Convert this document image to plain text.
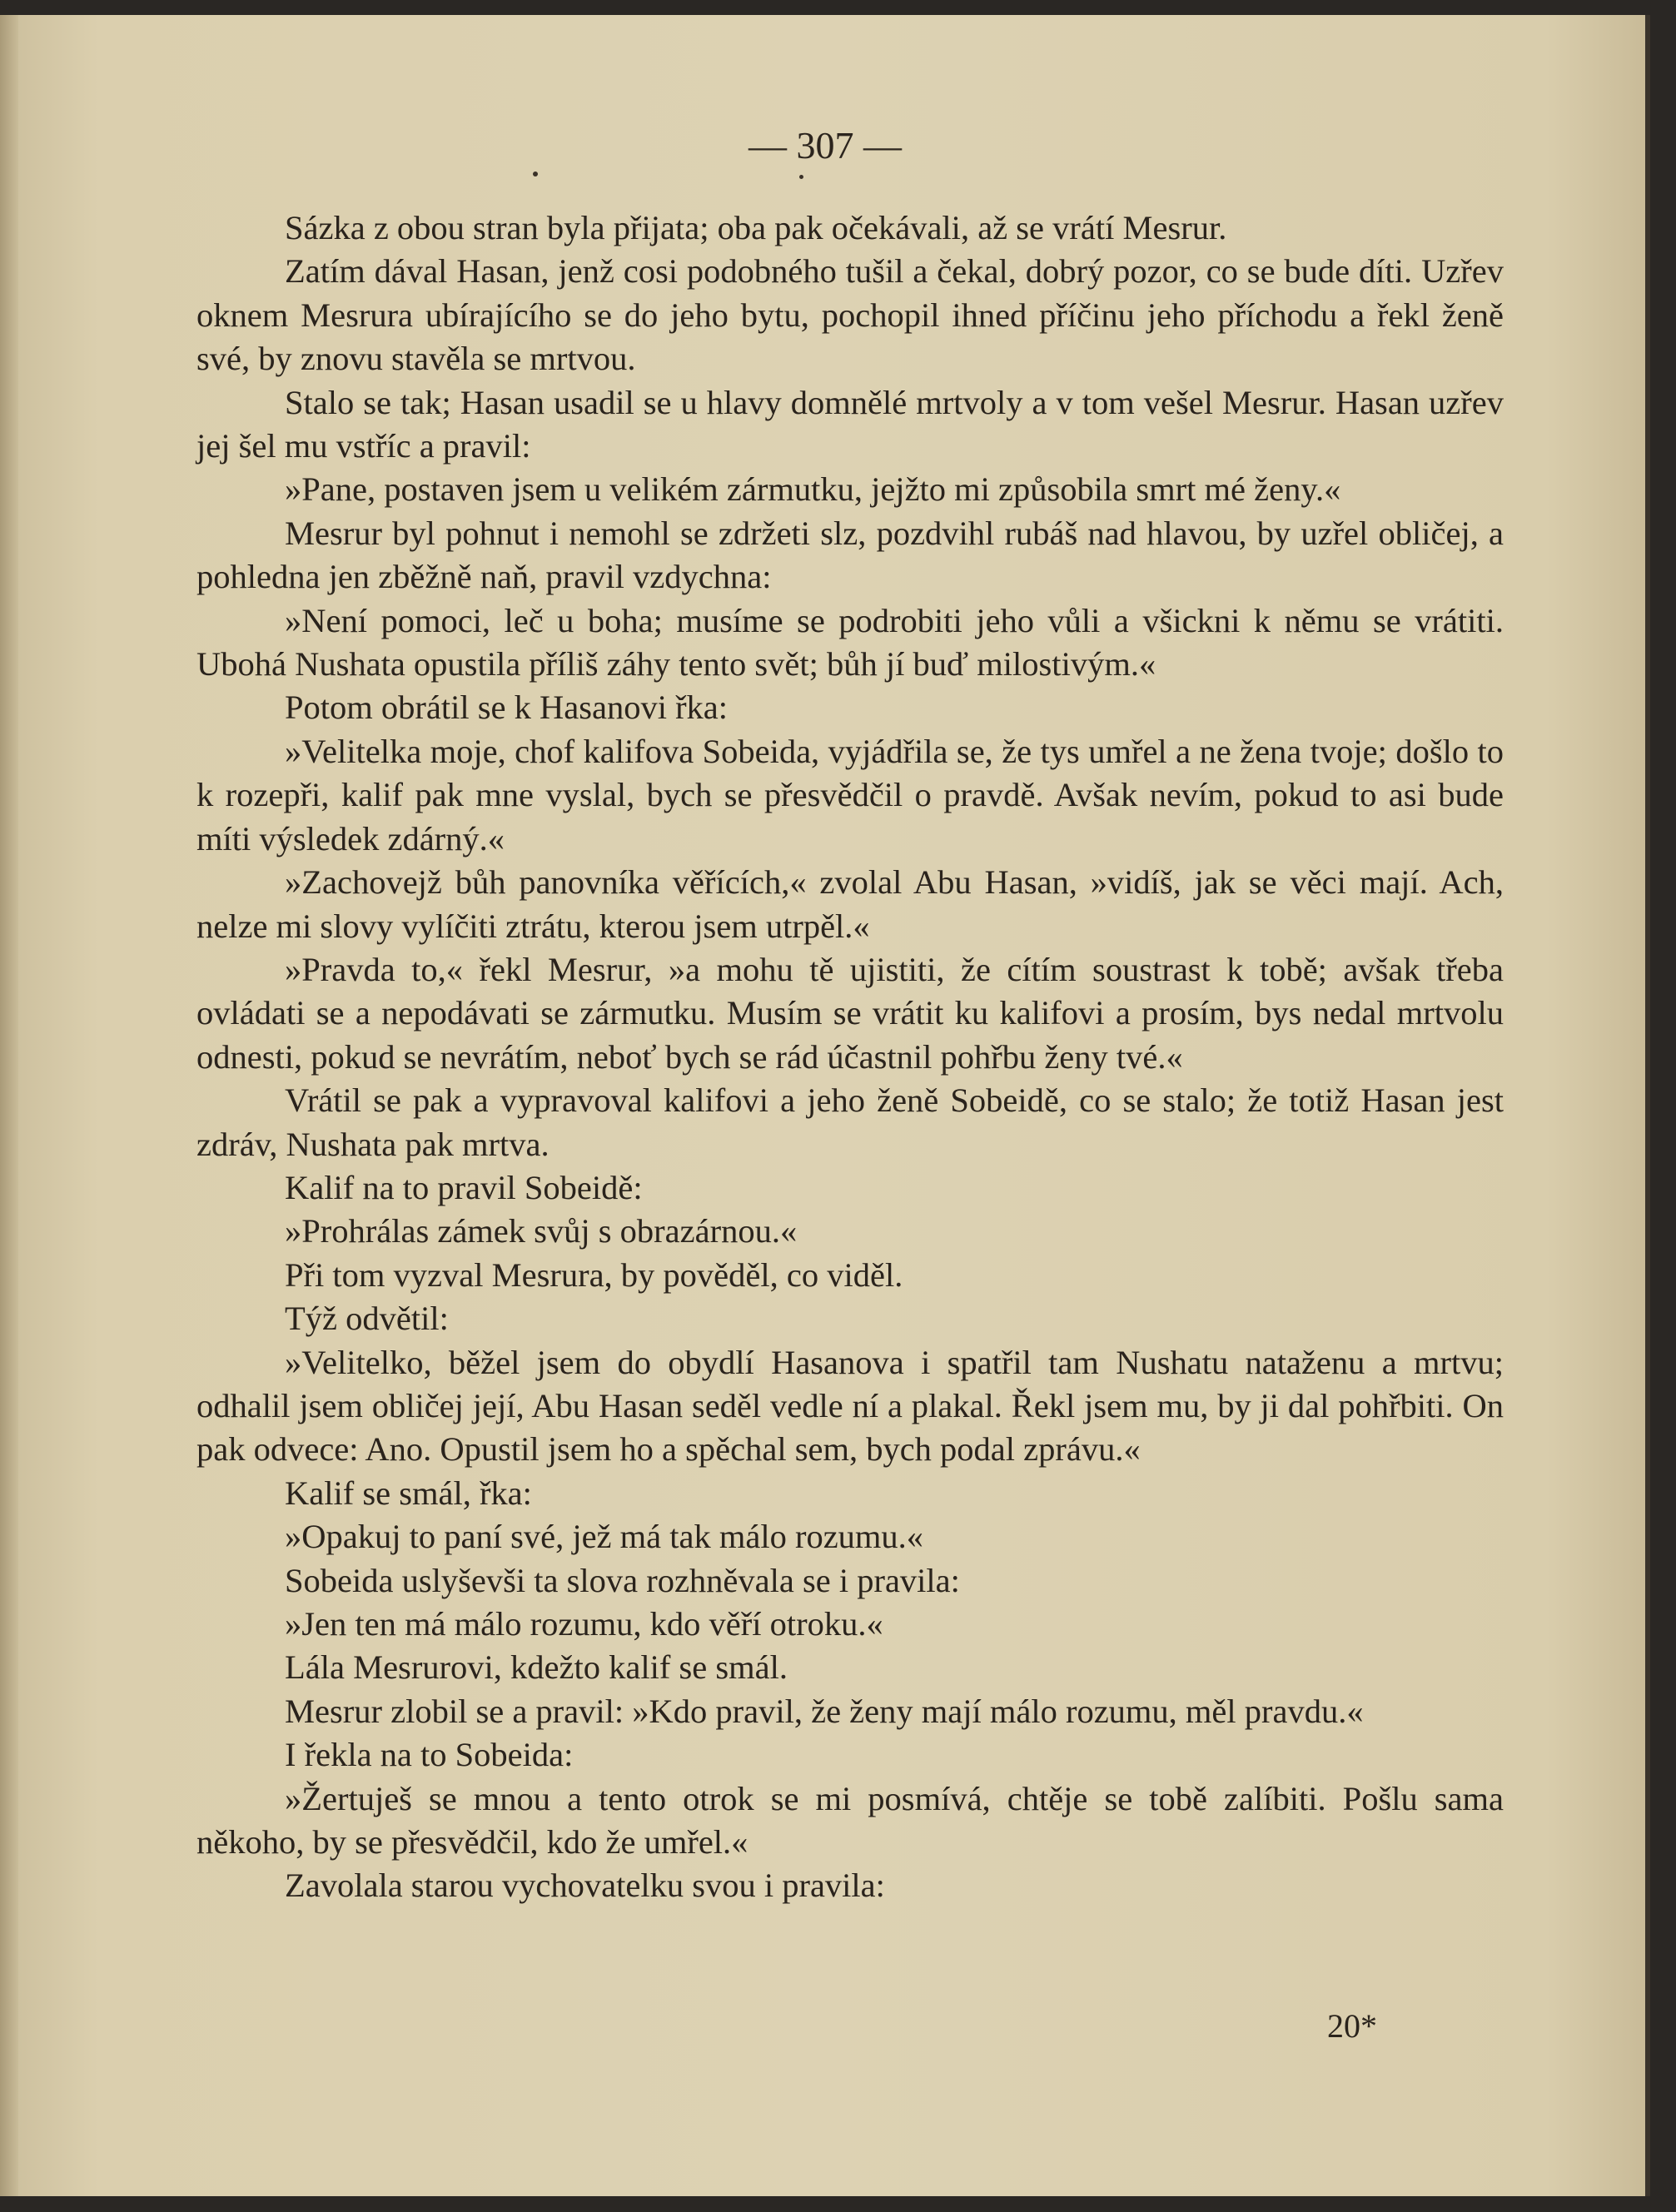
— 307 —

Sázka z obou stran byla přijata; oba pak očekávali, až se vrátí Mesrur.

Zatím dával Hasan, jenž cosi podobného tušil a čekal, dobrý pozor, co se bude díti. Uzřev oknem Mesrura ubírajícího se do jeho bytu, pochopil ihned příčinu jeho příchodu a řekl ženě své, by znovu stavěla se mrtvou.

Stalo se tak; Hasan usadil se u hlavy domnělé mrtvoly a v tom vešel Mesrur. Hasan uzřev jej šel mu vstříc a pravil:

»Pane, postaven jsem u velikém zármutku, jejžto mi způsobila smrt mé ženy.«

Mesrur byl pohnut i nemohl se zdržeti slz, pozdvihl rubáš nad hlavou, by uzřel obličej, a pohledna jen zběžně naň, pravil vzdychna:

»Není pomoci, leč u boha; musíme se podrobiti jeho vůli a všickni k němu se vrátiti. Ubohá Nushata opustila příliš záhy tento svět; bůh jí buď milostivým.«

Potom obrátil se k Hasanovi řka:

»Velitelka moje, chof kalifova Sobeida, vyjádřila se, že tys umřel a ne žena tvoje; došlo to k rozepři, kalif pak mne vyslal, bych se přesvědčil o pravdě. Avšak nevím, pokud to asi bude míti výsledek zdárný.«

»Zachovejž bůh panovníka věřících,« zvolal Abu Hasan, »vidíš, jak se věci mají. Ach, nelze mi slovy vylíčiti ztrátu, kterou jsem utrpěl.«

»Pravda to,« řekl Mesrur, »a mohu tě ujistiti, že cítím soustrast k tobě; avšak třeba ovládati se a nepodávati se zármutku. Musím se vrátit ku kalifovi a prosím, bys nedal mrtvolu odnesti, pokud se nevrátím, neboť bych se rád účastnil pohřbu ženy tvé.«

Vrátil se pak a vypravoval kalifovi a jeho ženě Sobeidě, co se stalo; že totiž Hasan jest zdráv, Nushata pak mrtva.

Kalif na to pravil Sobeidě:

»Prohrálas zámek svůj s obrazárnou.«

Při tom vyzval Mesrura, by pověděl, co viděl.

Týž odvětil:

»Velitelko, běžel jsem do obydlí Hasanova i spatřil tam Nushatu nataženu a mrtvu; odhalil jsem obličej její, Abu Hasan seděl vedle ní a plakal. Řekl jsem mu, by ji dal pohřbiti. On pak odvece: Ano. Opustil jsem ho a spěchal sem, bych podal zprávu.«

Kalif se smál, řka:

»Opakuj to paní své, jež má tak málo rozumu.«

Sobeida uslyševši ta slova rozhněvala se i pravila:

»Jen ten má málo rozumu, kdo věří otroku.«

Lála Mesrurovi, kdežto kalif se smál.

Mesrur zlobil se a pravil: »Kdo pravil, že ženy mají málo rozumu, měl pravdu.«

I řekla na to Sobeida:

»Žertuješ se mnou a tento otrok se mi posmívá, chtěje se tobě zalíbiti. Pošlu sama někoho, by se přesvědčil, kdo že umřel.«

Zavolala starou vychovatelku svou i pravila:

20*
